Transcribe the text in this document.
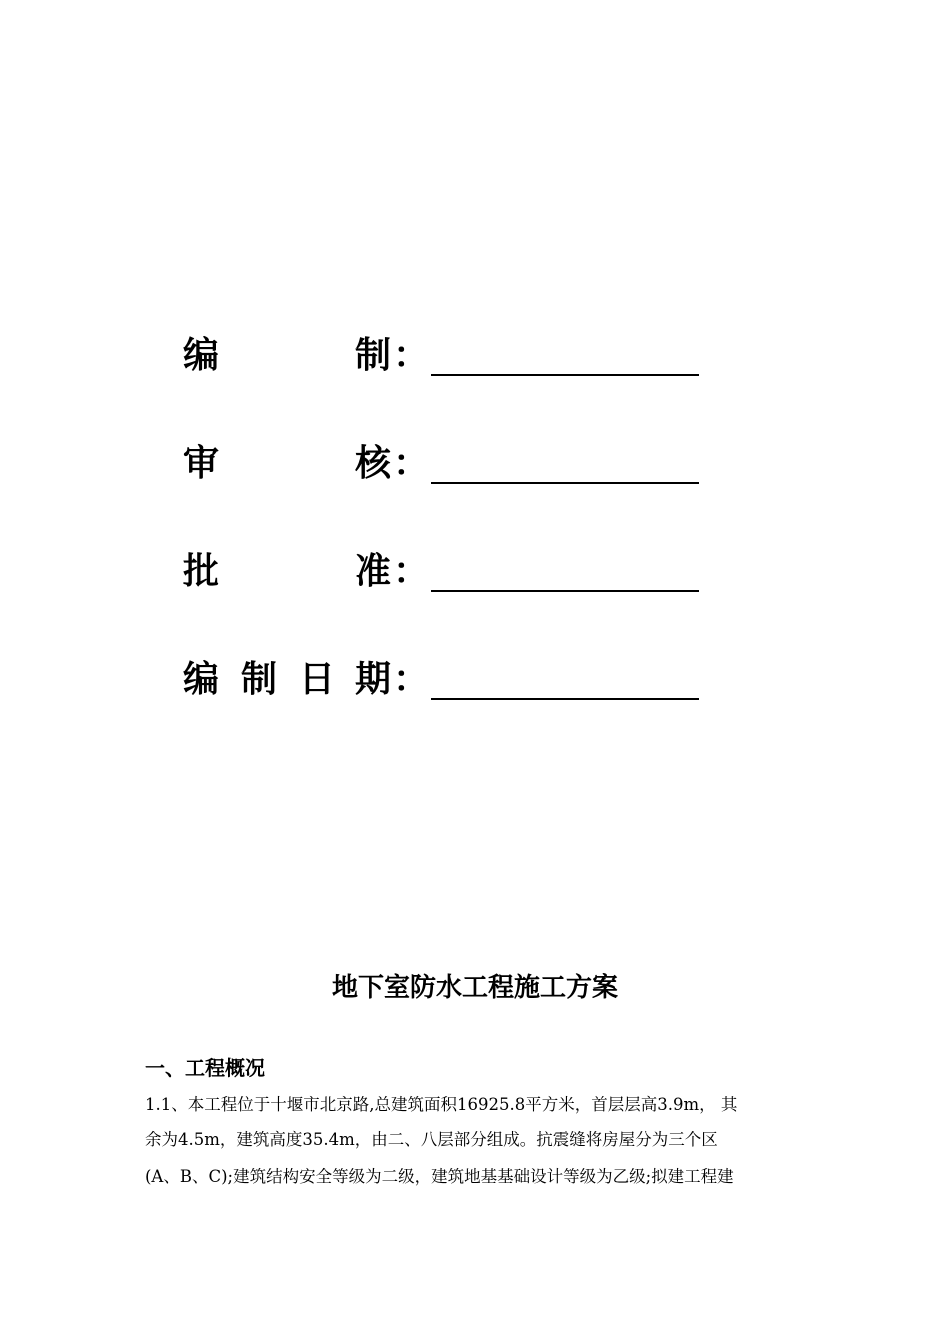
编	制 ：
审	核 ：
批	准 ：
编 制 日 期 ：
地下室防水工程施工方案
一、工程概况
1.1、本工程位于十堰市北京路,总建筑面积16925.8平方米，首层层高3.9m， 其
余为4.5m，建筑高度35.4m，由二、八层部分组成。抗震缝将房屋分为三个区
(A、B、C);建筑结构安全等级为二级，建筑地基基础设计等级为乙级;拟建工程建
